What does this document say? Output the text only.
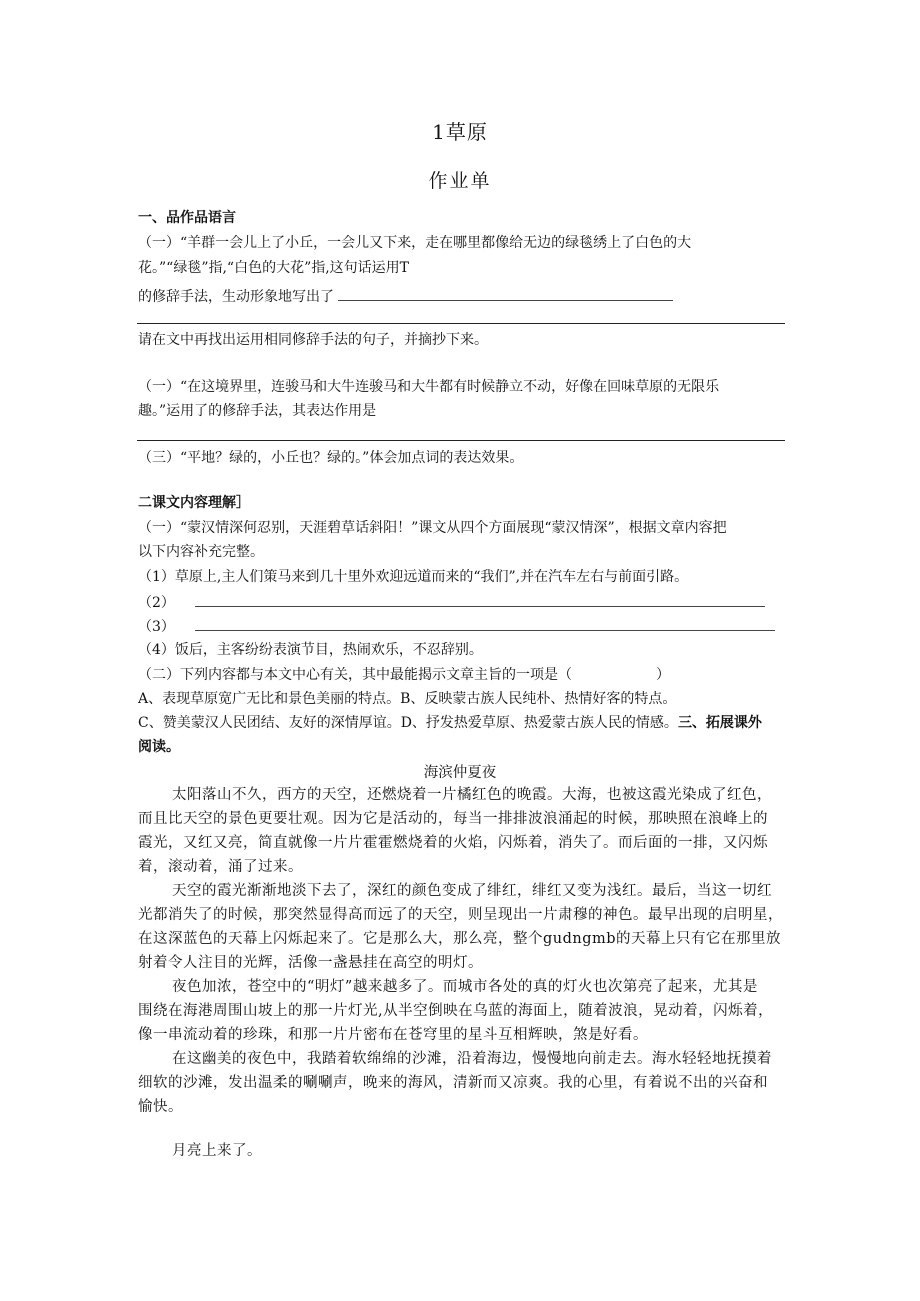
1草原
作业单
一、品作品语言
（一）“羊群一会儿上了小丘，一会儿又下来，走在哪里都像给无边的绿毯绣上了白色的大
花。”“绿毯”指,“白色的大花”指,这句话运用T
的修辞手法，生动形象地写出了
请在文中再找出运用相同修辞手法的句子，并摘抄下来。
（一）“在这境界里，连骏马和大牛连骏马和大牛都有时候静立不动，好像在回味草原的无限乐
趣。”运用了的修辞手法，其表达作用是
（三）“平地？绿的，小丘也？绿的。”体会加点词的表达效果。
二课文内容理解］
（一）“蒙汉情深何忍别，天涯碧草话斜阳！”课文从四个方面展现“蒙汉情深”，根据文章内容把
以下内容补充完整。
（1）草原上,主人们策马来到几十里外欢迎远道而来的“我们”,并在汽车左右与前面引路。
（2）
（3）
（4）饭后，主客纷纷表演节目，热闹欢乐，不忍辞别。
（二）下列内容都与本文中心有关，其中最能揭示文章主旨的一项是（	）
A、表现草原宽广无比和景色美丽的特点。B、反映蒙古族人民纯朴、热情好客的特点。
C、赞美蒙汉人民团结、友好的深情厚谊。D、抒发热爱草原、热爱蒙古族人民的情感。三、拓展课外
阅读。
海滨仲夏夜
太阳落山不久，西方的天空，还燃烧着一片橘红色的晚霞。大海，也被这霞光染成了红色，
而且比天空的景色更要壮观。因为它是活动的，每当一排排波浪涌起的时候，那映照在浪峰上的
霞光，又红又亮，简直就像一片片霍霍燃烧着的火焰，闪烁着，消失了。而后面的一排，又闪烁
着，滚动着，涌了过来。
天空的霞光渐渐地淡下去了，深红的颜色变成了绯红，绯红又变为浅红。最后，当这一切红
光都消失了的时候，那突然显得高而远了的天空，则呈现出一片肃穆的神色。最早出现的启明星，
在这深蓝色的天幕上闪烁起来了。它是那么大，那么亮，整个gudngmb的天幕上只有它在那里放
射着令人注目的光辉，活像一盏悬挂在高空的明灯。
夜色加浓，苍空中的“明灯”越来越多了。而城市各处的真的灯火也次第亮了起来，尤其是
围绕在海港周围山坡上的那一片灯光,从半空倒映在乌蓝的海面上，随着波浪，晃动着，闪烁着，
像一串流动着的珍珠，和那一片片密布在苍穹里的星斗互相辉映，煞是好看。
在这幽美的夜色中，我踏着软绵绵的沙滩，沿着海边，慢慢地向前走去。海水轻轻地抚摸着
细软的沙滩，发出温柔的唰唰声，晚来的海风，清新而又凉爽。我的心里，有着说不出的兴奋和
愉快。
月亮上来了。
